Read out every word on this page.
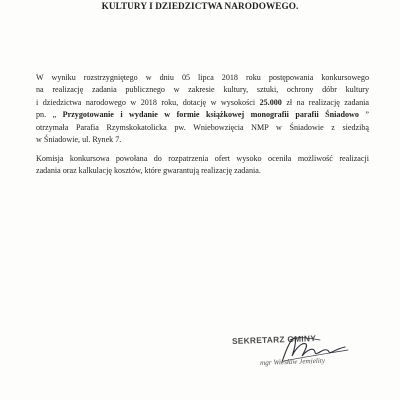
KULTURY I DZIEDZICTWA NARODOWEGO.

W wyniku rozstrzygniętego w dniu 05 lipca 2018 roku postępowania konkursowego
na realizację zadania publicznego w zakresie kultury, sztuki, ochrony dóbr kultury
i dziedzictwa narodowego w 2018 roku, dotację w wysokości 25.000 zł na realizację zadania
pn. „ Przygotowanie i wydanie w formie książkowej monografii parafii Śniadowo ”
otrzymała Parafia Rzymskokatolicka pw. Wniebowzięcia NMP w Śniadowie z siedzibą
w Śniadowie, ul. Rynek 7.

Komisja konkursowa powołana do rozpatrzenia ofert wysoko oceniła możliwość realizacji
zadania oraz kalkulację kosztów, które gwarantują realizację zadania.

SEKRETARZ GMINY
mgr Wiesław Jemielity
